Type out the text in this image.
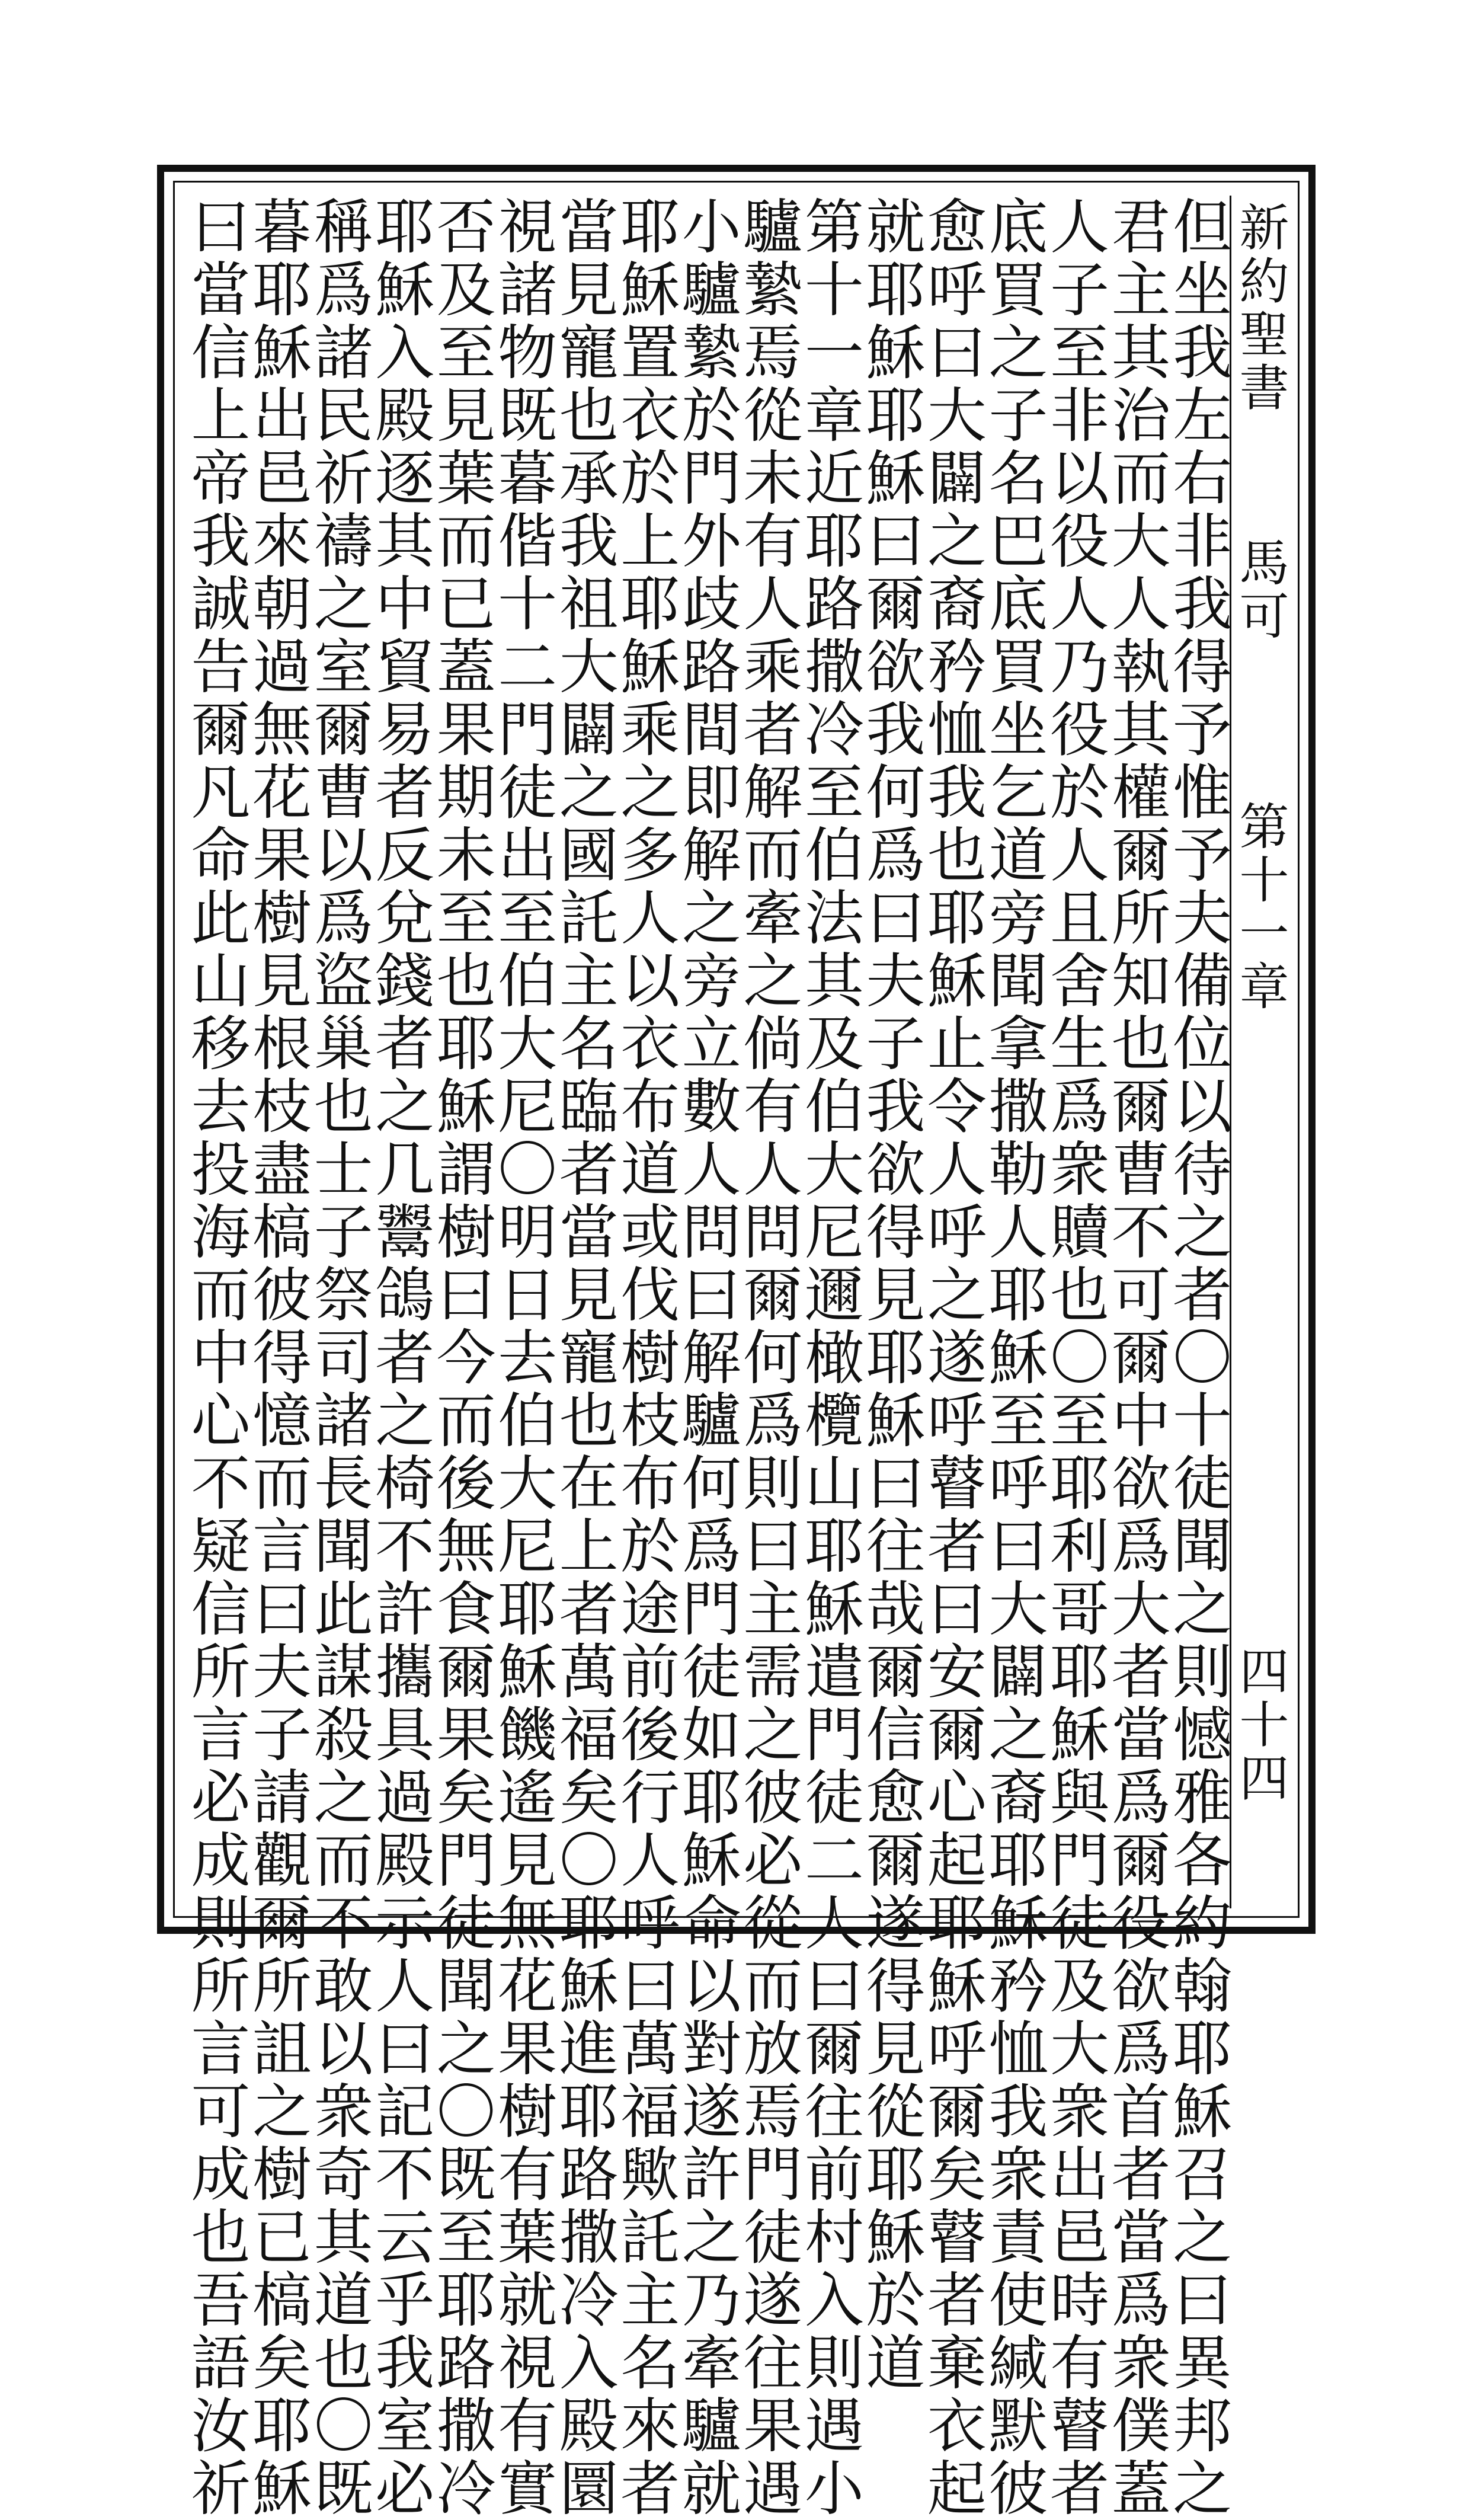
新約聖書  馬可  第十一章  四十四
但坐我左右非我得予惟予夫備位以待之者〇十徒聞之則憾雅各約翰耶穌召之曰異邦之
君主其治而大人執其權爾所知也爾曹不可爾中欲爲大者當爲爾役欲爲首者當爲衆僕蓋
人子至非以役人乃役於人且舍生爲衆贖也〇至耶利哥耶穌與門徒及大衆出邑時有瞽者
底買之子名巴底買坐乞道旁聞拿撒勒人耶穌至呼曰大闢之裔耶穌矜恤我衆責使緘默彼
愈呼曰大闢之裔矜恤我也耶穌止令人呼之遂呼瞽者曰安爾心起耶穌呼爾矣瞽者棄衣起
就耶穌耶穌曰爾欲我何爲曰夫子我欲得見耶穌曰往哉爾信愈爾遂得見從耶穌於道
第十一章近耶路撒冷至伯法其及伯大尼邇橄欖山耶穌遣門徒二人曰爾往前村入則遇小
驢縶焉從未有人乘者解而牽之倘有人問爾何爲則曰主需之彼必從而放焉門徒遂往果遇
小驢縶於門外歧路間即解之旁立數人問曰解驢何爲門徒如耶穌命以對遂許之乃牽驢就
耶穌置衣於上耶穌乘之多人以衣布道或伐樹枝布於途前後行人呼曰萬福歟託主名來者
當見寵也承我祖大闢之國託主名臨者當見寵也在上者萬福矣〇耶穌進耶路撒冷入殿圜
視諸物既暮偕十二門徒出至伯大尼〇明日去伯大尼耶穌饑遙見無花果樹有葉就視有實
否及至見葉而已蓋果期未至也耶穌謂樹曰今而後無食爾果矣門徒聞之〇既至耶路撒冷
耶穌入殿逐其中貿易者反兌錢者之几鬻鴿者之椅不許攜具過殿示人曰記不云乎我室必
稱爲諸民祈禱之室爾曹以爲盜巢也士子祭司諸長聞此謀殺之而不敢以衆奇其道也〇既
暮耶穌出邑來朝過無花果樹見根枝盡槁彼得憶而言曰夫子請觀爾所詛之樹已槁矣耶穌
曰當信上帝我誠告爾凡命此山移去投海而中心不疑信所言必成則所言可成也吾語汝祈
